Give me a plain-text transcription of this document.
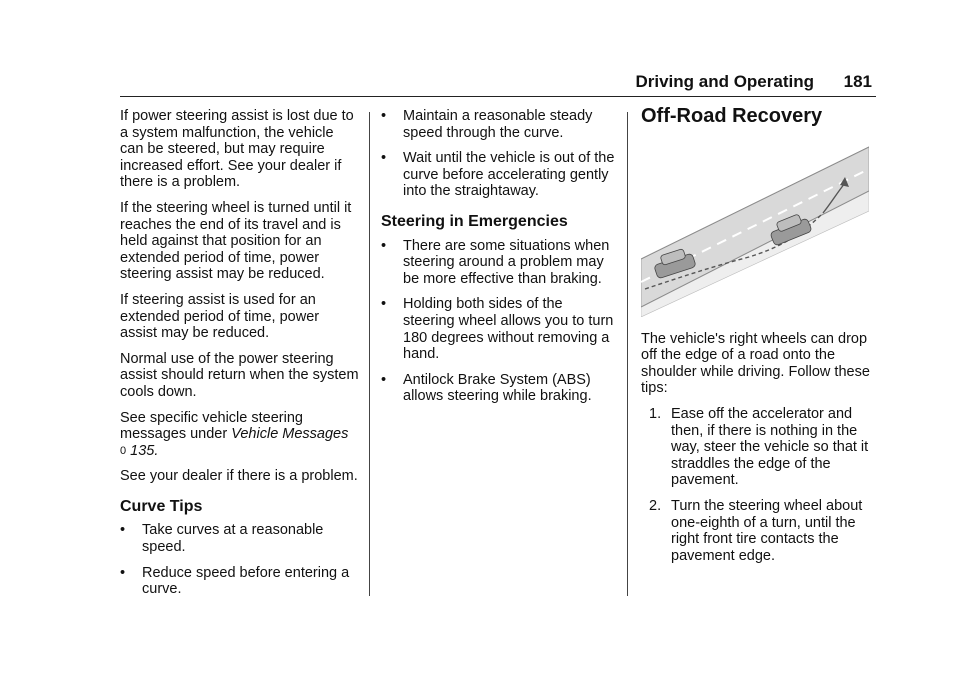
Driving and Operating 181

If power steering assist is lost due to a system malfunction, the vehicle can be steered, but may require increased effort. See your dealer if there is a problem.

If the steering wheel is turned until it reaches the end of its travel and is held against that position for an extended period of time, power steering assist may be reduced.

If steering assist is used for an extended period of time, power assist may be reduced.

Normal use of the power steering assist should return when the system cools down.

See specific vehicle steering messages under Vehicle Messages
0 135.

See your dealer if there is a problem.

Curve Tips
•	Take curves at a reasonable speed.
•	Reduce speed before entering a curve.
•	Maintain a reasonable steady speed through the curve.
•	Wait until the vehicle is out of the curve before accelerating gently into the straightaway.
Steering in Emergencies
•	There are some situations when steering around a problem may be more effective than braking.
•	Holding both sides of the steering wheel allows you to turn 180 degrees without removing a hand.
•	Antilock Brake System (ABS) allows steering while braking.
Off-Road Recovery

The vehicle's right wheels can drop off the edge of a road onto the shoulder while driving. Follow these tips:

1. Ease off the accelerator and then, if there is nothing in the way, steer the vehicle so that it straddles the edge of the pavement.
2. Turn the steering wheel about one-eighth of a turn, until the right front tire contacts the pavement edge.
